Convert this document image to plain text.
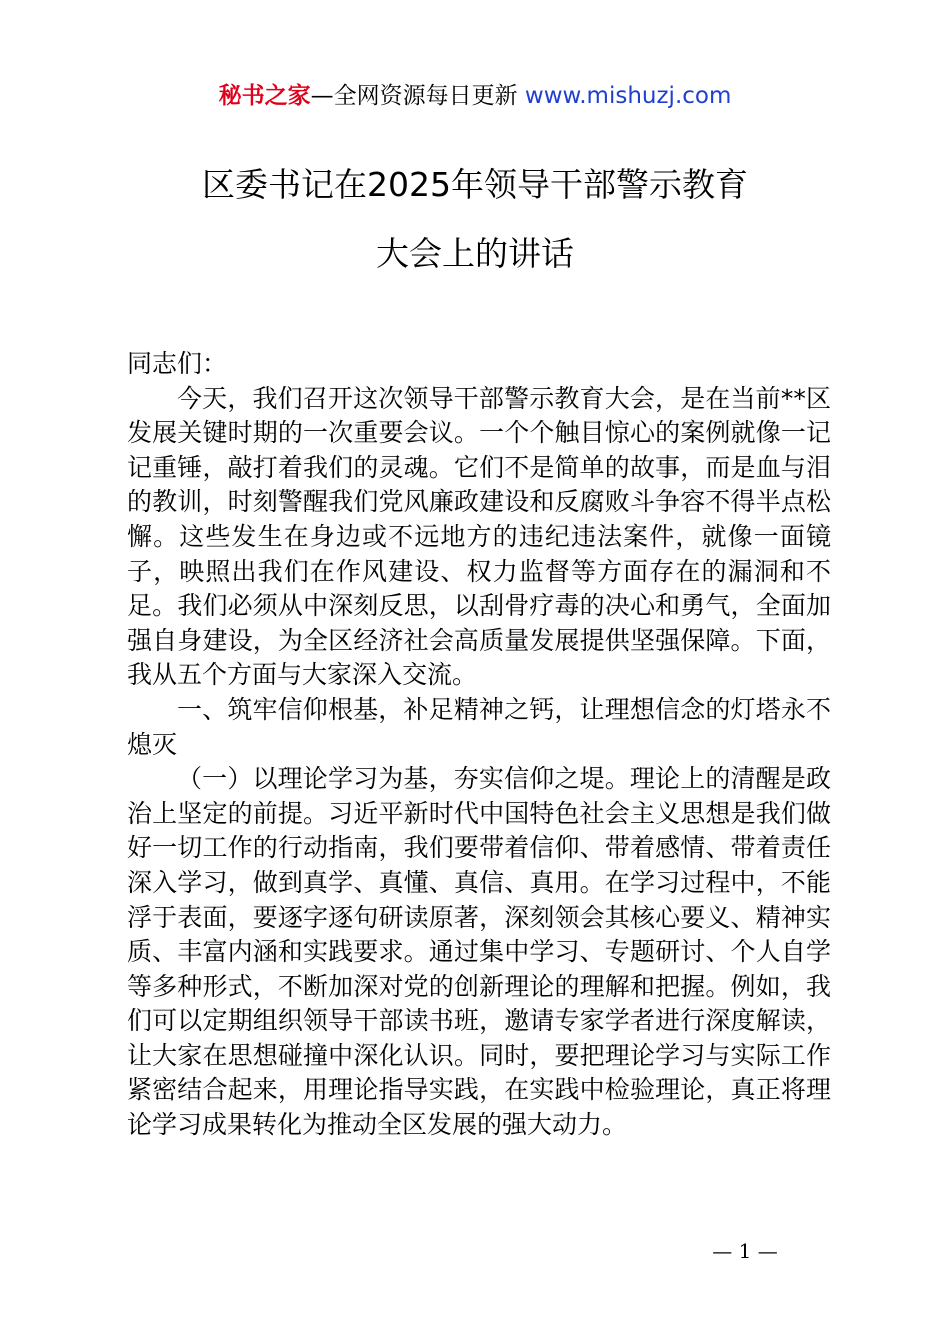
秘书之家—全网资源每日更新 www.mishuzj.com
区委书记在2025年领导干部警示教育
大会上的讲话

同志们：

今天，我们召开这次领导干部警示教育大会，是在当前**区发展关键时期的一次重要会议。一个个触目惊心的案例就像一记记重锤，敲打着我们的灵魂。它们不是简单的故事，而是血与泪的教训，时刻警醒我们党风廉政建设和反腐败斗争容不得半点松懈。这些发生在身边或不远地方的违纪违法案件，就像一面镜子，映照出我们在作风建设、权力监督等方面存在的漏洞和不足。我们必须从中深刻反思，以刮骨疗毒的决心和勇气，全面加强自身建设，为全区经济社会高质量发展提供坚强保障。下面，我从五个方面与大家深入交流。

一、筑牢信仰根基，补足精神之钙，让理想信念的灯塔永不熄灭

（一）以理论学习为基，夯实信仰之堤。理论上的清醒是政治上坚定的前提。习近平新时代中国特色社会主义思想是我们做好一切工作的行动指南，我们要带着信仰、带着感情、带着责任深入学习，做到真学、真懂、真信、真用。在学习过程中，不能浮于表面，要逐字逐句研读原著，深刻领会其核心要义、精神实质、丰富内涵和实践要求。通过集中学习、专题研讨、个人自学等多种形式，不断加深对党的创新理论的理解和把握。例如，我们可以定期组织领导干部读书班，邀请专家学者进行深度解读，让大家在思想碰撞中深化认识。同时，要把理论学习与实际工作紧密结合起来，用理论指导实践，在实践中检验理论，真正将理论学习成果转化为推动全区发展的强大动力。

— 1 —
